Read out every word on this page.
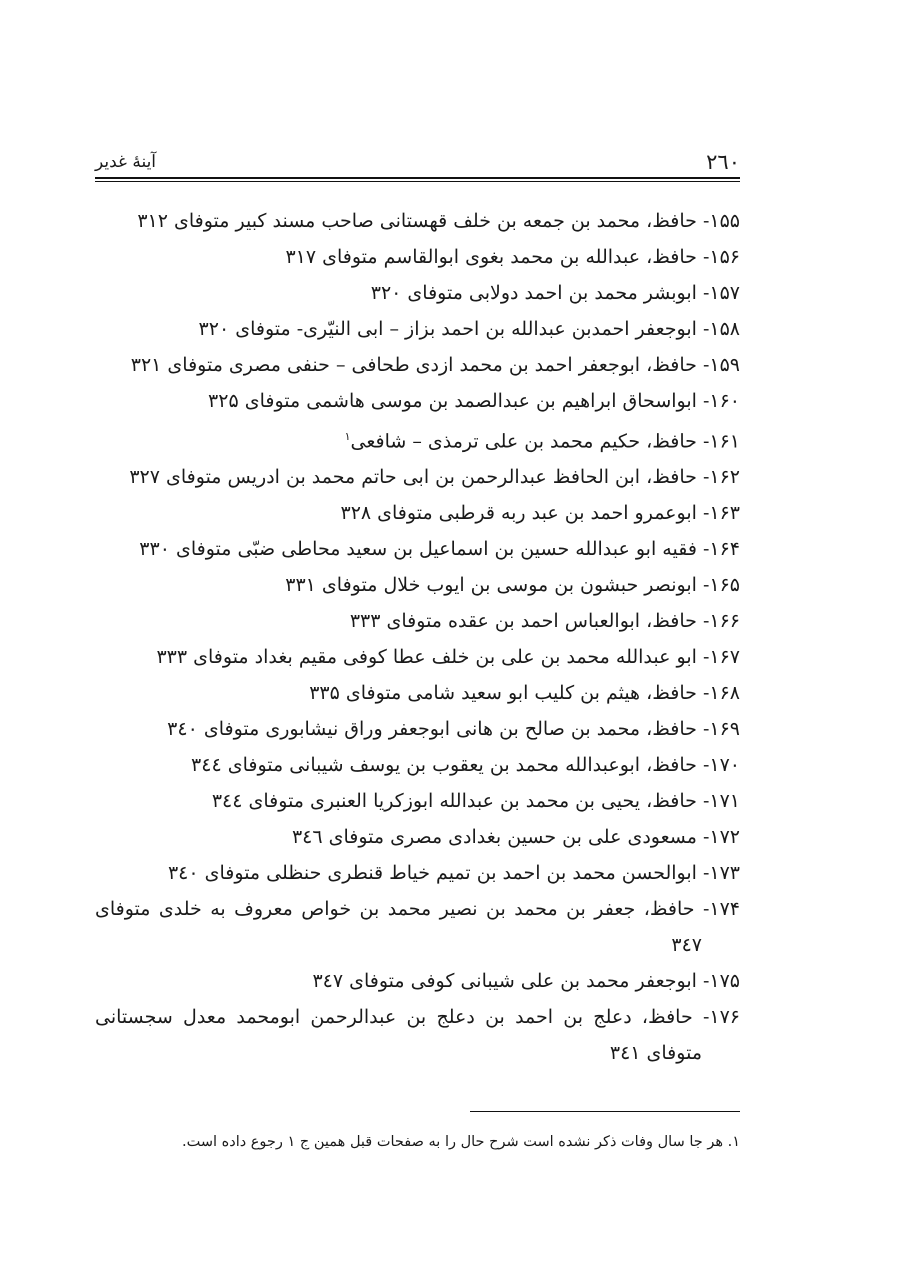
٢٦٠
آينهٔ غدير
١۵۵- حافظ، محمد بن جمعه بن خلف قهستانی صاحب مسند کبیر متوفای ٣١٢
١۵۶- حافظ، عبدالله بن محمد بغوی ابوالقاسم متوفای ٣١٧
١۵٧- ابوبشر محمد بن احمد دولابی متوفای ٣٢٠
١۵٨- ابوجعفر احمدبن عبدالله بن احمد بزاز – ابی النیّری- متوفای ٣٢٠
١۵٩- حافظ، ابوجعفر احمد بن محمد ازدی طحافی – حنفی مصری متوفای ٣٢١
١۶٠- ابواسحاق ابراهیم بن عبدالصمد بن موسی هاشمی متوفای ٣٢۵
١۶١- حافظ، حکیم محمد بن علی ترمذی – شافعی$^١$
١۶٢- حافظ، ابن الحافظ عبدالرحمن بن ابی حاتم محمد بن ادریس متوفای ٣٢٧
١۶٣- ابوعمرو احمد بن عبد ربه قرطبی متوفای ٣٢٨
١۶۴- فقیه ابو عبدالله حسین بن اسماعیل بن سعید محاطی ضبّی متوفای ٣٣٠
١۶۵- ابونصر حبشون بن موسی بن ایوب خلال متوفای ٣٣١
١۶۶- حافظ، ابوالعباس احمد بن عقده متوفای ٣٣٣
١۶٧- ابو عبدالله محمد بن علی بن خلف عطا کوفی مقیم بغداد متوفای ٣٣٣
١۶٨- حافظ، هیثم بن کلیب ابو سعید شامی متوفای ٣٣۵
١۶٩- حافظ، محمد بن صالح بن هانی ابوجعفر وراق نیشابوری متوفای ٣٤٠
١٧٠- حافظ، ابوعبدالله محمد بن یعقوب بن یوسف شیبانی متوفای ٣٤٤
١٧١- حافظ، یحیی بن محمد بن عبدالله ابوزکریا العنبری متوفای ٣٤٤
١٧٢- مسعودی علی بن حسین بغدادی مصری متوفای ٣٤٦
١٧٣- ابوالحسن محمد بن احمد بن تمیم خیاط قنطری حنظلی متوفای ٣٤٠
١٧۴- حافظ، جعفر بن محمد بن نصیر محمد بن خواص معروف به خلدی متوفای ٣٤٧
١٧۵- ابوجعفر محمد بن علی شیبانی کوفی متوفای ٣٤٧
١٧۶- حافظ، دعلج بن احمد بن دعلج بن عبدالرحمن ابومحمد معدل سجستانی متوفای ٣٤١
١. هر جا سال وفات ذکر نشده است شرح حال را به صفحات قبل همین ج ١ رجوع داده است.
